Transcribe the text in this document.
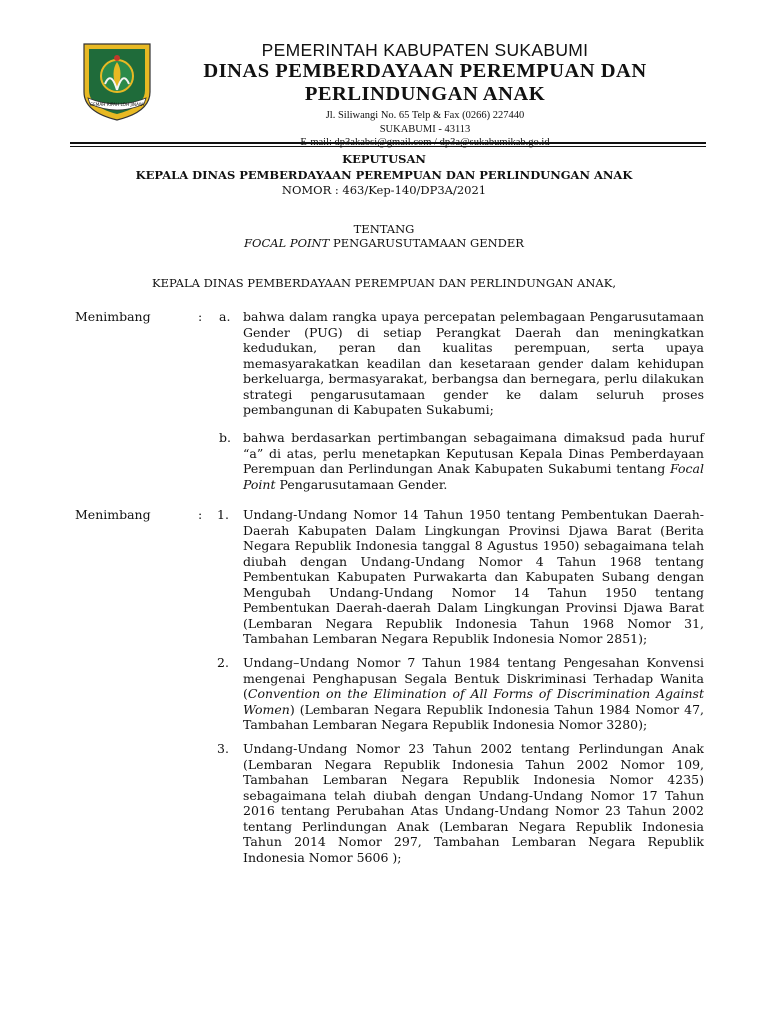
GEMAH RIPAH LOH JINAWI
PEMERINTAH KABUPATEN SUKABUMI
DINAS PEMBERDAYAAN PEREMPUAN DAN
PERLINDUNGAN ANAK
Jl. Siliwangi No. 65 Telp & Fax (0266) 227440
SUKABUMI - 43113
E-mail: dp3akabsi@gmail.com / dp3a@sukabumikab.go.id
KEPUTUSAN
KEPALA DINAS PEMBERDAYAAN PEREMPUAN DAN PERLINDUNGAN ANAK
NOMOR : 463/Kep-140/DP3A/2021
TENTANG
FOCAL POINT PENGARUSUTAMAAN GENDER
KEPALA DINAS PEMBERDAYAAN PEREMPUAN DAN PERLINDUNGAN ANAK,
Menimbang	: a. bahwa dalam rangka upaya percepatan pelembagaan Pengarusutamaan Gender (PUG) di setiap Perangkat Daerah dan meningkatkan kedudukan, peran dan kualitas perempuan, serta upaya memasyarakatkan keadilan dan kesetaraan gender dalam kehidupan berkeluarga, bermasyarakat, berbangsa dan bernegara, perlu dilakukan strategi pengarusutamaan gender ke dalam seluruh proses pembangunan di Kabupaten Sukabumi;
b. bahwa berdasarkan pertimbangan sebagaimana dimaksud pada huruf “a” di atas, perlu menetapkan Keputusan Kepala Dinas Pemberdayaan Perempuan dan Perlindungan Anak Kabupaten Sukabumi tentang Focal Point Pengarusutamaan Gender.
Menimbang	: 1. Undang-Undang Nomor 14 Tahun 1950 tentang Pembentukan Daerah-Daerah Kabupaten Dalam Lingkungan Provinsi Djawa Barat (Berita Negara Republik Indonesia tanggal 8 Agustus 1950) sebagaimana telah diubah dengan Undang-Undang Nomor 4 Tahun 1968 tentang Pembentukan Kabupaten Purwakarta dan Kabupaten Subang dengan Mengubah Undang-Undang Nomor 14 Tahun 1950 tentang Pembentukan Daerah-daerah Dalam Lingkungan Provinsi Djawa Barat (Lembaran Negara Republik Indonesia Tahun 1968 Nomor 31, Tambahan Lembaran Negara Republik Indonesia Nomor 2851);
2. Undang–Undang Nomor 7 Tahun 1984 tentang Pengesahan Konvensi mengenai Penghapusan Segala Bentuk Diskriminasi Terhadap Wanita (Convention on the Elimination of All Forms of Discrimination Against Women) (Lembaran Negara Republik Indonesia Tahun 1984 Nomor 47, Tambahan Lembaran Negara Republik Indonesia Nomor 3280);
3. Undang-Undang Nomor 23 Tahun 2002 tentang Perlindungan Anak (Lembaran Negara Republik Indonesia Tahun 2002 Nomor 109, Tambahan Lembaran Negara Republik Indonesia Nomor 4235) sebagaimana telah diubah dengan Undang-Undang Nomor 17 Tahun 2016 tentang Perubahan Atas Undang-Undang Nomor 23 Tahun 2002 tentang Perlindungan Anak (Lembaran Negara Republik Indonesia Tahun 2014 Nomor 297, Tambahan Lembaran Negara Republik Indonesia Nomor 5606 );
